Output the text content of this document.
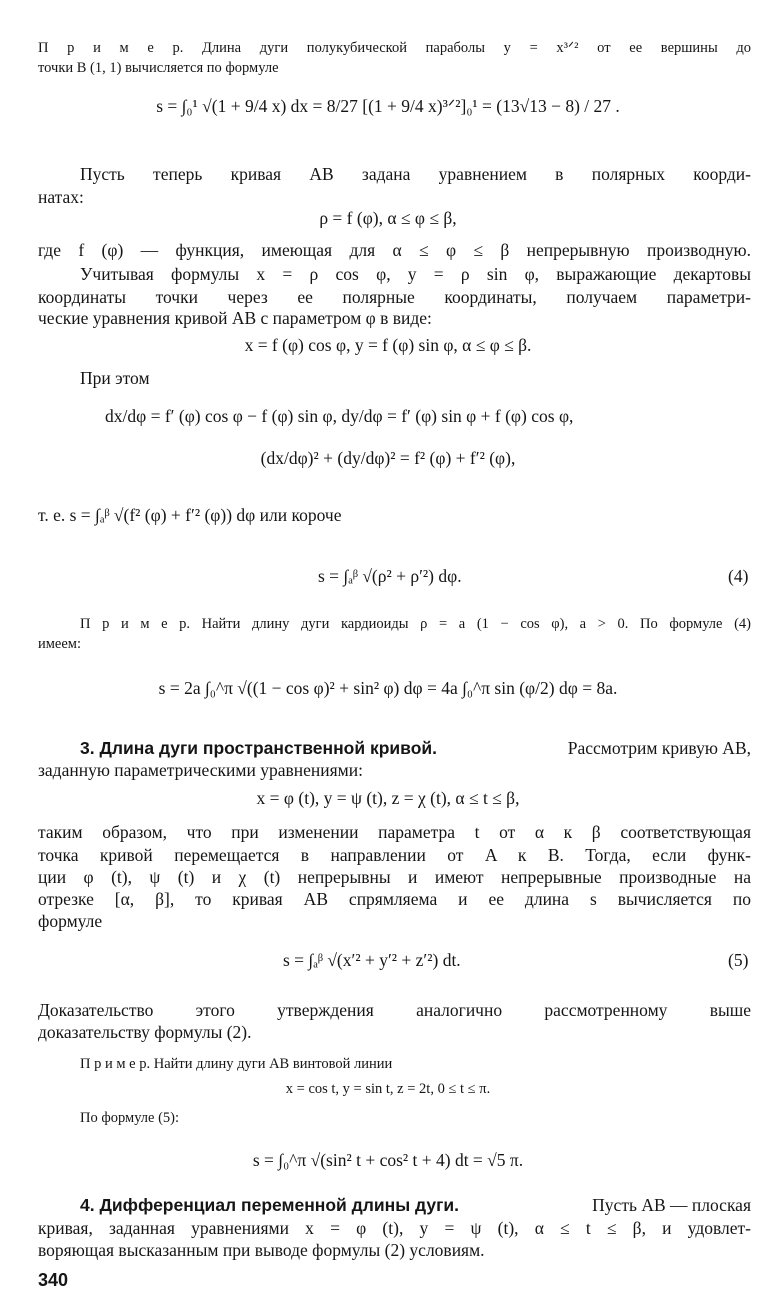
П р и м е р. Длина дуги полукубической параболы y = x³ᐟ² от ее вершины до
точки B (1, 1) вычисляется по формуле
s = ∫₀¹ √(1 + 9/4 x) dx = 8/27 [(1 + 9/4 x)³ᐟ²]₀¹ = (13√13 − 8) / 27 .
Пусть теперь кривая AB задана уравнением в полярных коорди-
натах:
ρ = f (φ), α ≤ φ ≤ β,
где f (φ) — функция, имеющая для α ≤ φ ≤ β непрерывную производную.
Учитывая формулы x = ρ cos φ, y = ρ sin φ, выражающие декартовы
координаты точки через ее полярные координаты, получаем параметри-
ческие уравнения кривой AB с параметром φ в виде:
x = f (φ) cos φ, y = f (φ) sin φ, α ≤ φ ≤ β.
При этом
dx/dφ = f′ (φ) cos φ − f (φ) sin φ, dy/dφ = f′ (φ) sin φ + f (φ) cos φ,
(dx/dφ)² + (dy/dφ)² = f² (φ) + f′² (φ),
т. е. s = ∫ₐᵝ √(f² (φ) + f′² (φ)) dφ или короче
s = ∫ₐᵝ √(ρ² + ρ′²) dφ.	(4)
П р и м е р. Найти длину дуги кардиоиды ρ = a (1 − cos φ), a > 0. По формуле (4)
имеем:
s = 2a ∫₀^π √((1 − cos φ)² + sin² φ) dφ = 4a ∫₀^π sin (φ/2) dφ = 8a.
3. Длина дуги пространственной кривой.	Рассмотрим кривую AB,
заданную параметрическими уравнениями:
x = φ (t), y = ψ (t), z = χ (t), α ≤ t ≤ β,
таким образом, что при изменении параметра t от α к β соответствующая
точка кривой перемещается в направлении от A к B. Тогда, если функ-
ции φ (t), ψ (t) и χ (t) непрерывны и имеют непрерывные производные на
отрезке [α, β], то кривая AB спрямляема и ее длина s вычисляется по
формуле
s = ∫ₐᵝ √(x′² + y′² + z′²) dt.	(5)
Доказательство этого утверждения аналогично рассмотренному выше
доказательству формулы (2).
П р и м е р. Найти длину дуги AB винтовой линии
x = cos t, y = sin t, z = 2t, 0 ≤ t ≤ π.
По формуле (5):
s = ∫₀^π √(sin² t + cos² t + 4) dt = √5 π.
4. Дифференциал переменной длины дуги.	Пусть AB — плоская
кривая, заданная уравнениями x = φ (t), y = ψ (t), α ≤ t ≤ β, и удовлет-
воряющая высказанным при выводе формулы (2) условиям.
340
